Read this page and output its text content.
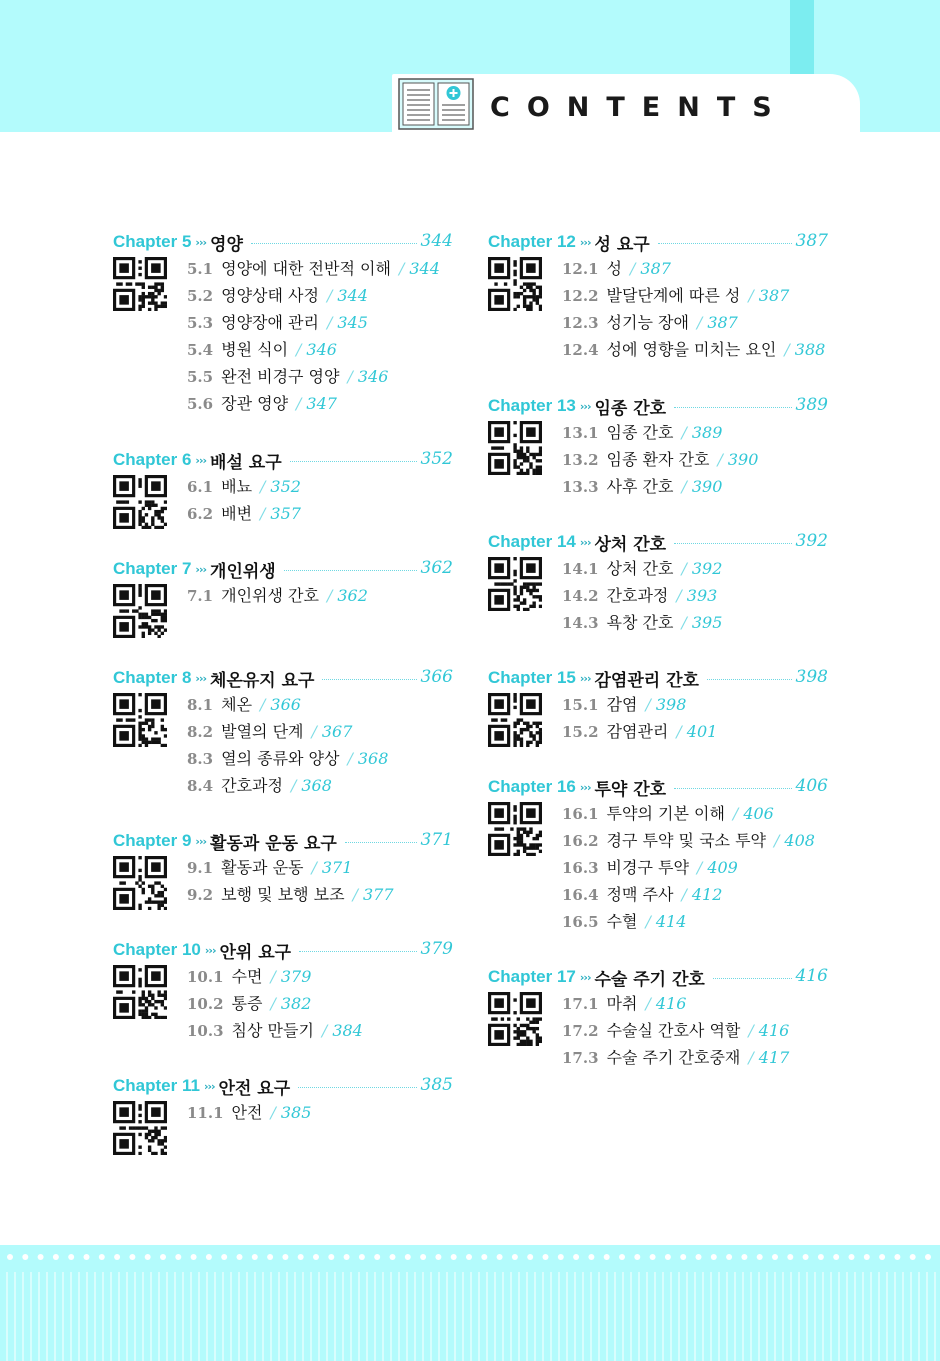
CONTENTS
Chapter 5 ››› 영양	344
5.1 영양에 대한 전반적 이해 / 344
5.2 영양상태 사정 / 344
5.3 영양장애 관리 / 345
5.4 병원 식이 / 346
5.5 완전 비경구 영양 / 346
5.6 장관 영양 / 347
Chapter 6 ››› 배설 요구	352
6.1 배뇨 / 352
6.2 배변 / 357
Chapter 7 ››› 개인위생	362
7.1 개인위생 간호 / 362
Chapter 8 ››› 체온유지 요구	366
8.1 체온 / 366
8.2 발열의 단계 / 367
8.3 열의 종류와 양상 / 368
8.4 간호과정 / 368
Chapter 9 ››› 활동과 운동 요구	371
9.1 활동과 운동 / 371
9.2 보행 및 보행 보조 / 377
Chapter 10 ››› 안위 요구	379
10.1 수면 / 379
10.2 통증 / 382
10.3 침상 만들기 / 384
Chapter 11 ››› 안전 요구	385
11.1 안전 / 385
Chapter 12 ››› 성 요구	387
12.1 성 / 387
12.2 발달단계에 따른 성 / 387
12.3 성기능 장애 / 387
12.4 성에 영향을 미치는 요인 / 388
Chapter 13 ››› 임종 간호	389
13.1 임종 간호 / 389
13.2 임종 환자 간호 / 390
13.3 사후 간호 / 390
Chapter 14 ››› 상처 간호	392
14.1 상처 간호 / 392
14.2 간호과정 / 393
14.3 욕창 간호 / 395
Chapter 15 ››› 감염관리 간호	398
15.1 감염 / 398
15.2 감염관리 / 401
Chapter 16 ››› 투약 간호	406
16.1 투약의 기본 이해 / 406
16.2 경구 투약 및 국소 투약 / 408
16.3 비경구 투약 / 409
16.4 정맥 주사 / 412
16.5 수혈 / 414
Chapter 17 ››› 수술 주기 간호	416
17.1 마취 / 416
17.2 수술실 간호사 역할 / 416
17.3 수술 주기 간호중재 / 417
